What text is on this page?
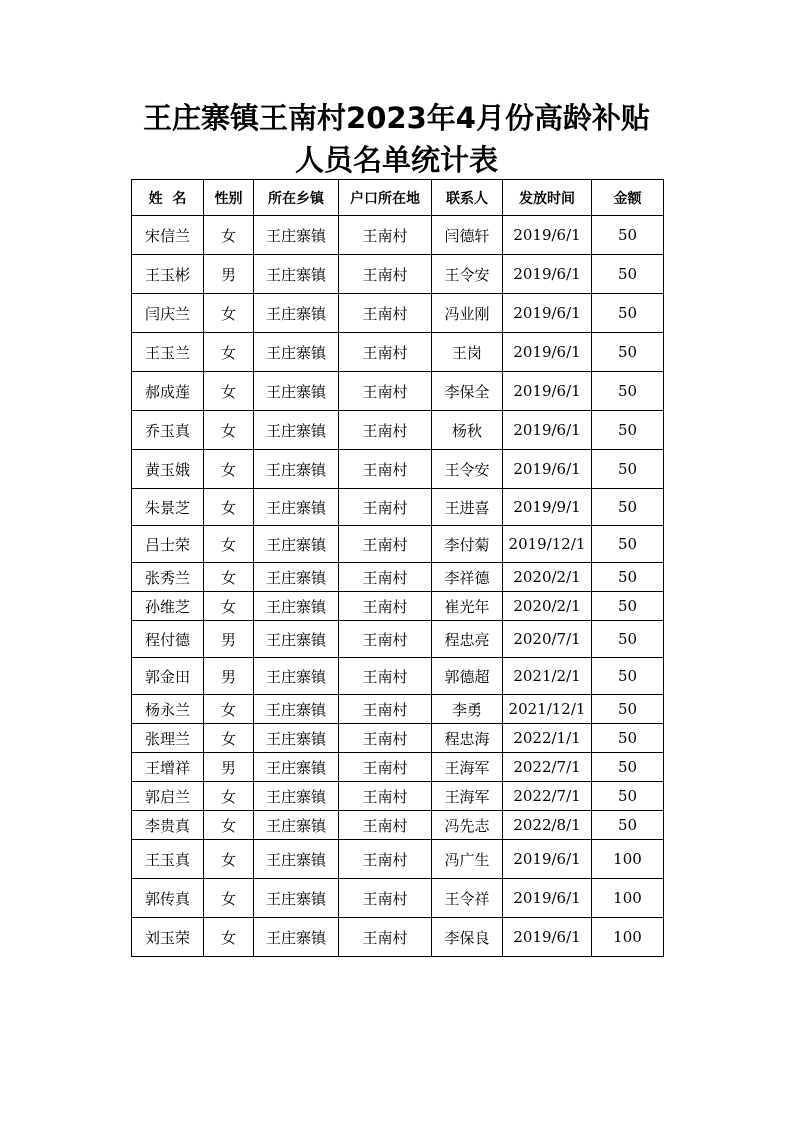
王庄寨镇王南村2023年4月份高龄补贴
人员名单统计表
姓  名	性别	所在乡镇	户口所在地	联系人	发放时间	金额
宋信兰	女	王庄寨镇	王南村	闫德轩	2019/6/1	50
王玉彬	男	王庄寨镇	王南村	王令安	2019/6/1	50
闫庆兰	女	王庄寨镇	王南村	冯业刚	2019/6/1	50
王玉兰	女	王庄寨镇	王南村	王岗	2019/6/1	50
郝成莲	女	王庄寨镇	王南村	李保全	2019/6/1	50
乔玉真	女	王庄寨镇	王南村	杨秋	2019/6/1	50
黄玉娥	女	王庄寨镇	王南村	王令安	2019/6/1	50
朱景芝	女	王庄寨镇	王南村	王进喜	2019/9/1	50
吕士荣	女	王庄寨镇	王南村	李付菊	2019/12/1	50
张秀兰	女	王庄寨镇	王南村	李祥德	2020/2/1	50
孙维芝	女	王庄寨镇	王南村	崔光年	2020/2/1	50
程付德	男	王庄寨镇	王南村	程忠亮	2020/7/1	50
郭金田	男	王庄寨镇	王南村	郭德超	2021/2/1	50
杨永兰	女	王庄寨镇	王南村	李勇	2021/12/1	50
张理兰	女	王庄寨镇	王南村	程忠海	2022/1/1	50
王增祥	男	王庄寨镇	王南村	王海军	2022/7/1	50
郭启兰	女	王庄寨镇	王南村	王海军	2022/7/1	50
李贵真	女	王庄寨镇	王南村	冯先志	2022/8/1	50
王玉真	女	王庄寨镇	王南村	冯广生	2019/6/1	100
郭传真	女	王庄寨镇	王南村	王令祥	2019/6/1	100
刘玉荣	女	王庄寨镇	王南村	李保良	2019/6/1	100
